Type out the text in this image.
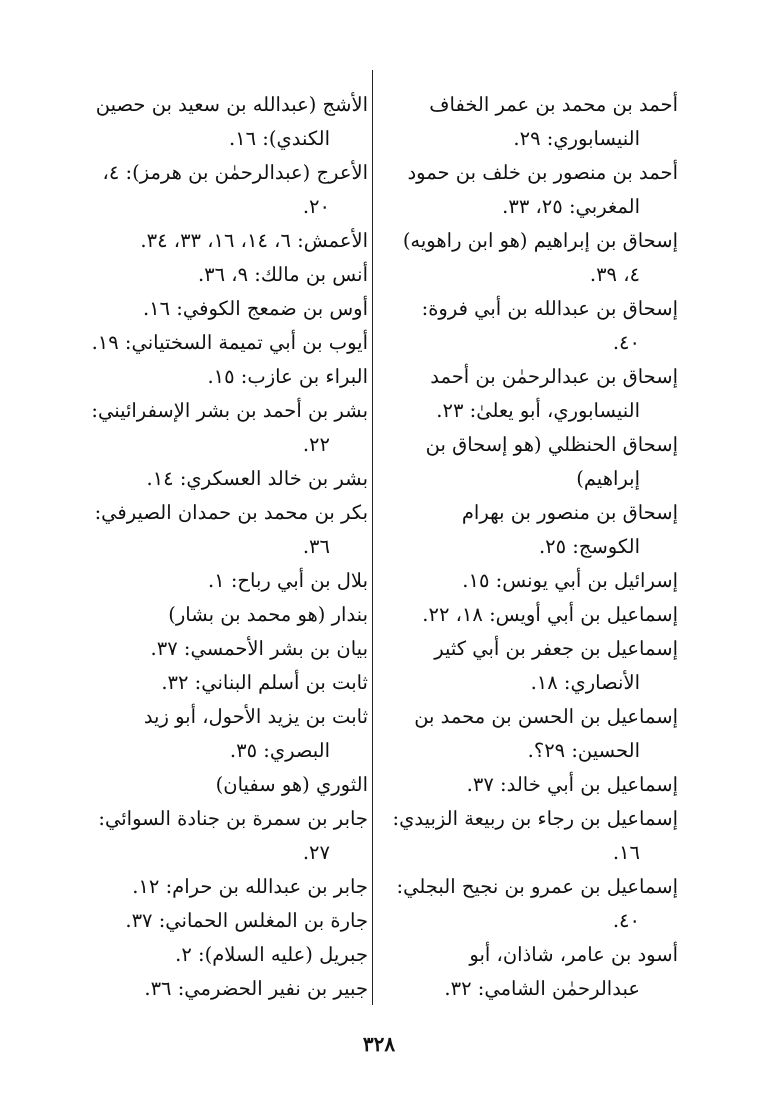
أحمد بن محمد بن عمر الخفاف
النيسابوري: ٢٩.
أحمد بن منصور بن خلف بن حمود
المغربي: ٢٥، ٣٣.
إسحاق بن إبراهيم (هو ابن راهويه)
٤، ٣٩.
إسحاق بن عبدالله بن أبي فروة:
٤٠.
إسحاق بن عبدالرحمٰن بن أحمد
النيسابوري، أبو يعلىٰ: ٢٣.
إسحاق الحنظلي (هو إسحاق بن
إبراهيم)
إسحاق بن منصور بن بهرام
الكوسج: ٢٥.
إسرائيل بن أبي يونس: ١٥.
إسماعيل بن أبي أويس: ١٨، ٢٢.
إسماعيل بن جعفر بن أبي كثير
الأنصاري: ١٨.
إسماعيل بن الحسن بن محمد بن
الحسين: ٢٩؟.
إسماعيل بن أبي خالد: ٣٧.
إسماعيل بن رجاء بن ربيعة الزبيدي:
١٦.
إسماعيل بن عمرو بن نجيح البجلي:
٤٠.
أسود بن عامر، شاذان، أبو
عبدالرحمٰن الشامي: ٣٢.
الأشج (عبدالله بن سعيد بن حصين
الكندي): ١٦.
الأعرج (عبدالرحمٰن بن هرمز): ٤،
٢٠.
الأعمش: ٦، ١٤، ١٦، ٣٣، ٣٤.
أنس بن مالك: ٩، ٣٦.
أوس بن ضمعج الكوفي: ١٦.
أيوب بن أبي تميمة السختياني: ١٩.
البراء بن عازب: ١٥.
بشر بن أحمد بن بشر الإسفرائيني:
٢٢.
بشر بن خالد العسكري: ١٤.
بكر بن محمد بن حمدان الصيرفي:
٣٦.
بلال بن أبي رباح: ١.
بندار (هو محمد بن بشار)
بيان بن بشر الأحمسي: ٣٧.
ثابت بن أسلم البناني: ٣٢.
ثابت بن يزيد الأحول، أبو زيد
البصري: ٣٥.
الثوري (هو سفيان)
جابر بن سمرة بن جنادة السوائي:
٢٧.
جابر بن عبدالله بن حرام: ١٢.
جارة بن المغلس الحماني: ٣٧.
جبريل (عليه السلام): ٢.
جبير بن نفير الحضرمي: ٣٦.
٣٢٨
